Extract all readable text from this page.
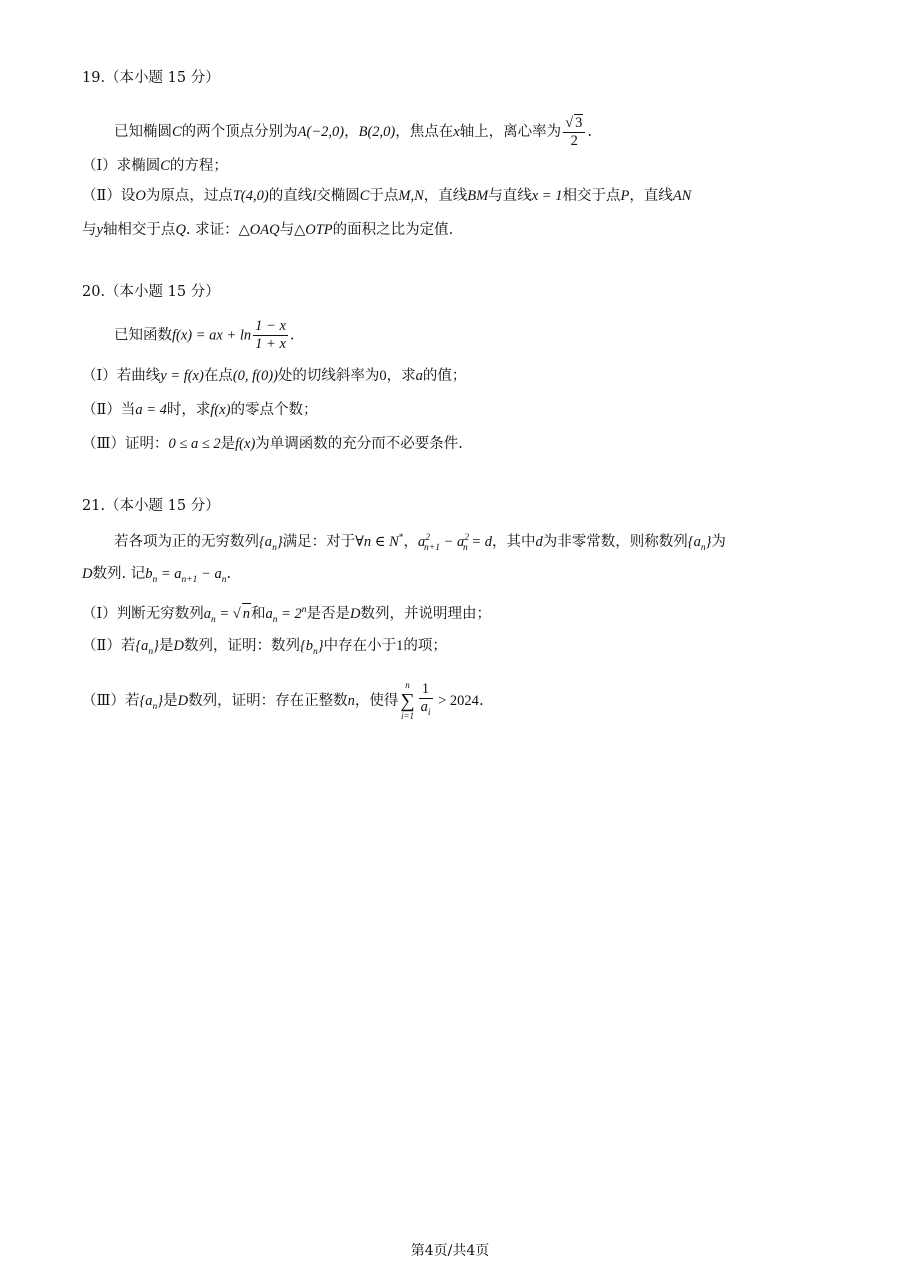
19.（本小题 15 分）
已知椭圆C的两个顶点分别为A(−2,0)，B(2,0)，焦点在x轴上，离心率为 $\frac{√ 3}{2}$ .
（Ⅰ）求椭圆C的方程；
（Ⅱ）设O为原点，过点T(4,0)的直线l交椭圆C于点M,N，直线BM与直线x = 1相交于点P，直线AN
与y轴相交于点Q. 求证：△OAQ与△OTP的面积之比为定值.
20.（本小题 15 分）
已知函数f(x) = ax + $\ln \frac{1 - x}{1 + x}$ .
（Ⅰ）若曲线y = f(x)在点(0, f(0))处的切线斜率为0，求a的值；
（Ⅱ）当a = 4时，求f(x)的零点个数；
（Ⅲ）证明：0 ≤ a ≤ 2是f(x)为单调函数的充分而不必要条件.
21.（本小题 15 分）
若各项为正的无穷数列$\{a_n\}$满足：对于∀n ∈ N*，$a^2_{n+1} - a^2_n = d$，其中d为非零常数，则称数列$\{a_n\}$为
D数列. 记$b_n = a_{n+1} - a_n$.
（Ⅰ）判断无穷数列$a_n$ = √ n和$a_n = 2^n$是否是D数列，并说明理由；
（Ⅱ）若$\{a_n\}$是D数列，证明：数列$\{b_n\}$中存在小于1的项；
（Ⅲ）若$\{a_n\}$是D数列，证明：存在正整数n，使得
n
∑
$i=1 \frac{1}{a_i} > 2024$.
第4页/共4页
